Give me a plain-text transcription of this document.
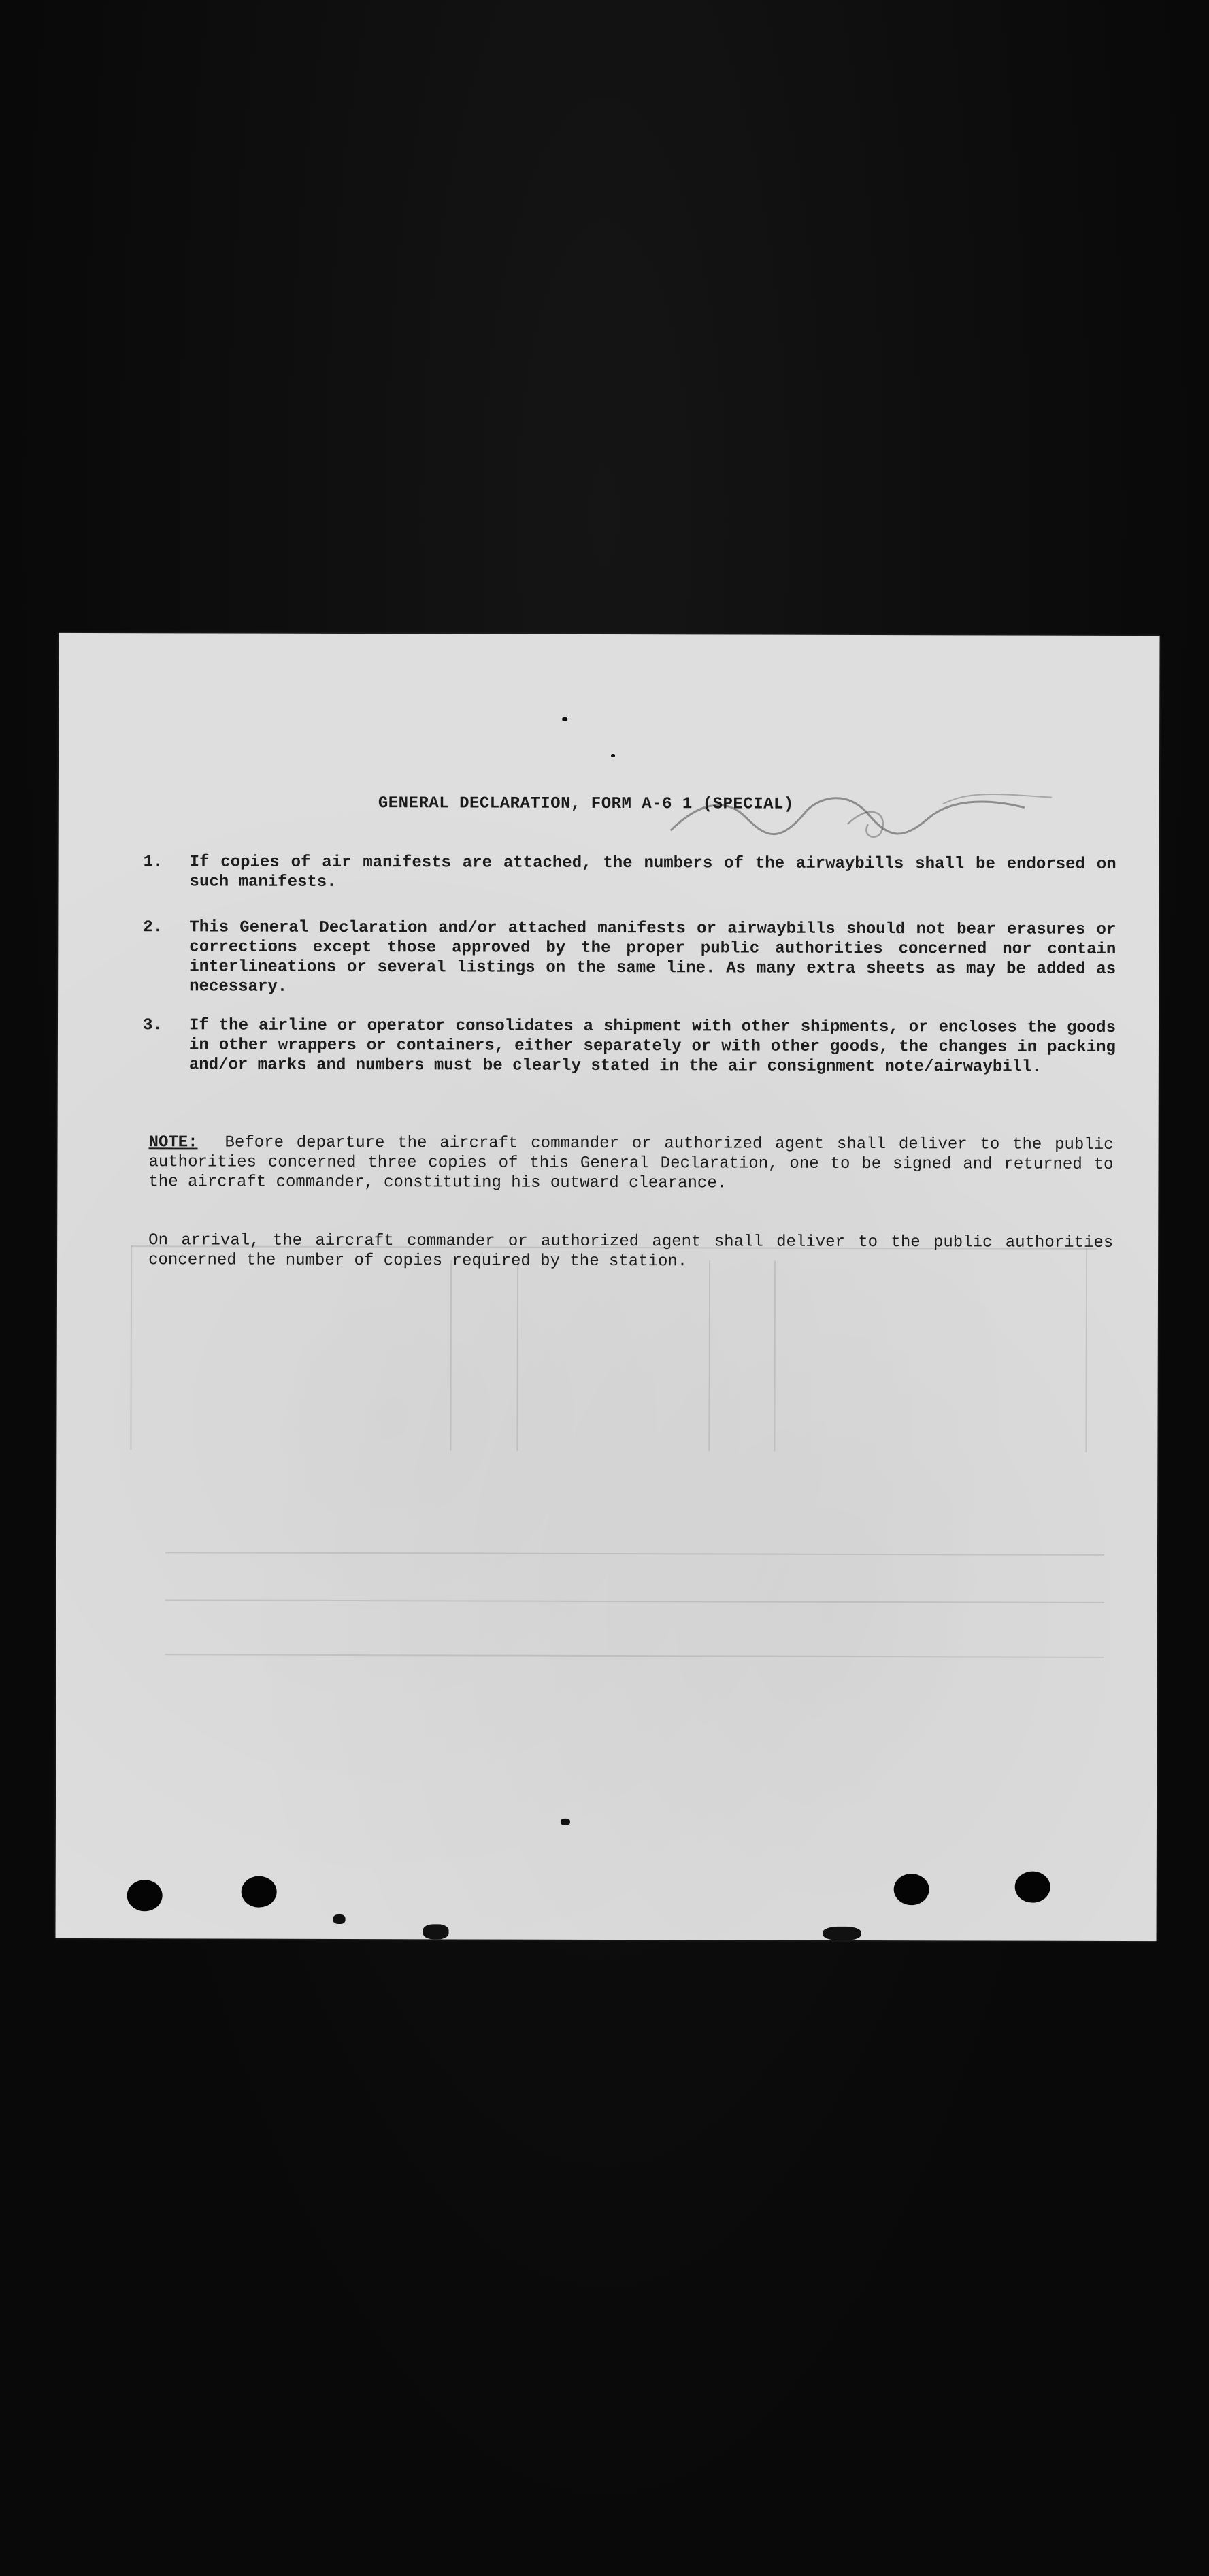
GENERAL DECLARATION, FORM A-6 1 (SPECIAL)
1. If copies of air manifests are attached, the numbers of the airwaybills shall be endorsed on such manifests.
2. This General Declaration and/or attached manifests or airwaybills should not bear erasures or corrections except those approved by the proper public authorities concerned nor contain interlineations or several listings on the same line. As many extra sheets as may be added as necessary.
3. If the airline or operator consolidates a shipment with other shipments, or encloses the goods in other wrappers or containers, either separately or with other goods, the changes in packing and/or marks and numbers must be clearly stated in the air consignment note/airwaybill.
NOTE: Before departure the aircraft commander or authorized agent shall deliver to the public authorities concerned three copies of this General Declaration, one to be signed and returned to the aircraft commander, constituting his outward clearance.
On arrival, the aircraft commander or authorized agent shall deliver to the public authorities concerned the number of copies required by the station.
